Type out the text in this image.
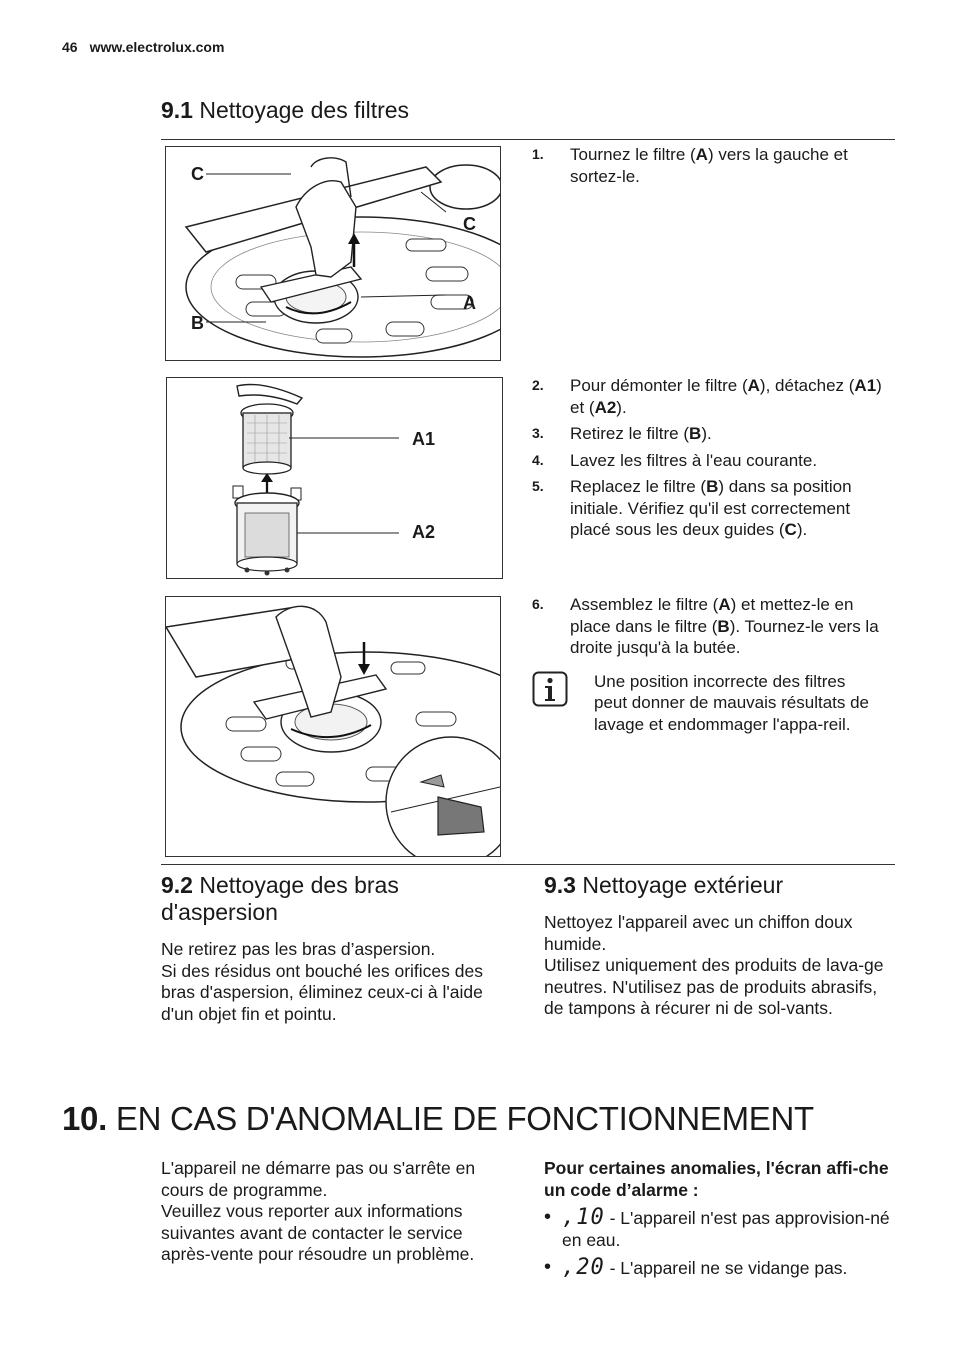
46 www.electrolux.com
9.1 Nettoyage des filtres
C
C
A
B
1.	Tournez le filtre (A) vers la gauche et sortez-le.
A1
A2
2.	Pour démonter le filtre (A), détachez (A1) et (A2).
3.	Retirez le filtre (B).
4.	Lavez les filtres à l'eau courante.
5.	Replacez le filtre (B) dans sa position initiale. Vérifiez qu'il est correctement placé sous les deux guides (C).
6.	Assemblez le filtre (A) et mettez-le en place dans le filtre (B). Tournez-le vers la droite jusqu'à la butée.
Une position incorrecte des filtres peut donner de mauvais résultats de lavage et endommager l'appa-reil.
9.2 Nettoyage des bras d'aspersion
Ne retirez pas les bras d’aspersion.
Si des résidus ont bouché les orifices des bras d'aspersion, éliminez ceux-ci à l'aide d'un objet fin et pointu.
9.3 Nettoyage extérieur
Nettoyez l'appareil avec un chiffon doux humide.
Utilisez uniquement des produits de lava-ge neutres. N'utilisez pas de produits abrasifs, de tampons à récurer ni de sol-vants.
10. EN CAS D'ANOMALIE DE FONCTIONNEMENT
L'appareil ne démarre pas ou s'arrête en cours de programme.
Veuillez vous reporter aux informations suivantes avant de contacter le service après-vente pour résoudre un problème.
Pour certaines anomalies, l'écran affi-che un code d’alarme :
• ,10 - L'appareil n'est pas approvision-né en eau.
• ,20 - L'appareil ne se vidange pas.
